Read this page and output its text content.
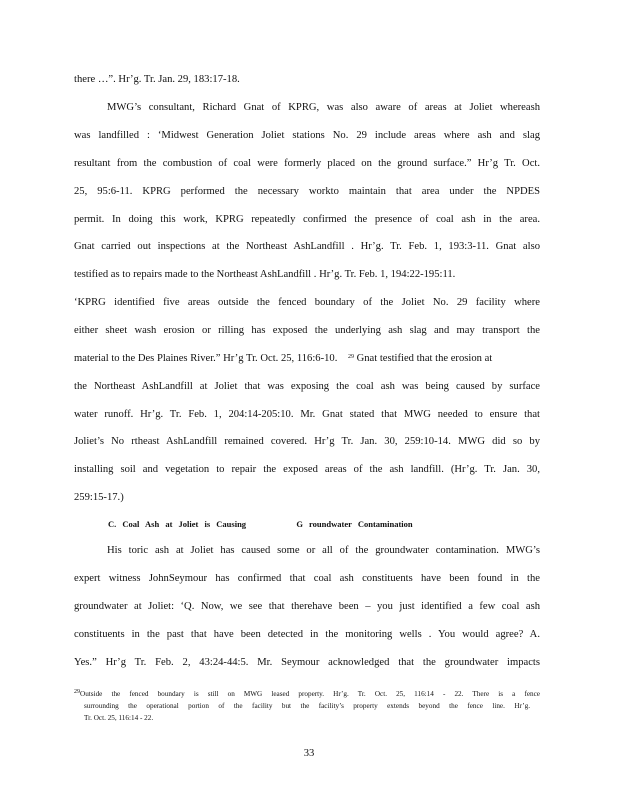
there …”. Hr’g. Tr. Jan. 29, 183:17-18.
MWG’s consultant, Richard Gnat of KPRG, was also aware of areas at Joliet whereash
was landfilled : ‘Midwest Generation Joliet stations No. 29 include areas where ash and slag
resultant from the combustion of coal were formerly placed on the ground surface.” Hr’g Tr. Oct.
25, 95:6-11. KPRG performed the necessary workto maintain that area under the NPDES
permit. In doing this work, KPRG repeatedly confirmed the presence of coal ash in the area.
Gnat carried out inspections at the Northeast AshLandfill . Hr’g. Tr. Feb. 1, 193:3-11. Gnat also
testified as to repairs made to the Northeast AshLandfill . Hr’g. Tr. Feb. 1, 194:22-195:11.
‘KPRG identified five areas outside the fenced boundary of the Joliet No. 29 facility where
either sheet wash erosion or rilling has exposed the underlying ash slag and may transport the
material to the Des Plaines River.” Hr’g Tr. Oct. 25, 116:6-10. $^{29}$ Gnat testified that the erosion at
the Northeast AshLandfill at Joliet that was exposing the coal ash was being caused by surface
water runoff. Hr’g. Tr. Feb. 1, 204:14-205:10. Mr. Gnat stated that MWG needed to ensure that
Joliet’s No rtheast AshLandfill remained covered. Hr’g Tr. Jan. 30, 259:10-14. MWG did so by
installing soil and vegetation to repair the exposed areas of the ash landfill. (Hr’g. Tr. Jan. 30,
259:15-17.)
C. Coal Ash at Joliet is Causing	G roundwater Contamination
His toric ash at Joliet has caused some or all of the groundwater contamination. MWG’s
expert witness JohnSeymour has confirmed that coal ash constituents have been found in the
groundwater at Joliet: ‘Q. Now, we see that therehave been – you just identified a few coal ash
constituents in the past that have been detected in the monitoring wells . You would agree? A.
Yes.” Hr’g Tr. Feb. 2, 43:24-44:5. Mr. Seymour acknowledged that the groundwater impacts
$^{29}$Outside the fenced boundary is still on MWG leased property. Hr’g. Tr. Oct. 25, 116:14 - 22. There is a fence
surrounding the operational portion of the facility but the facility’s property extends beyond the fence line. Hr’g.
Tr. Oct. 25, 116:14 - 22.
33
